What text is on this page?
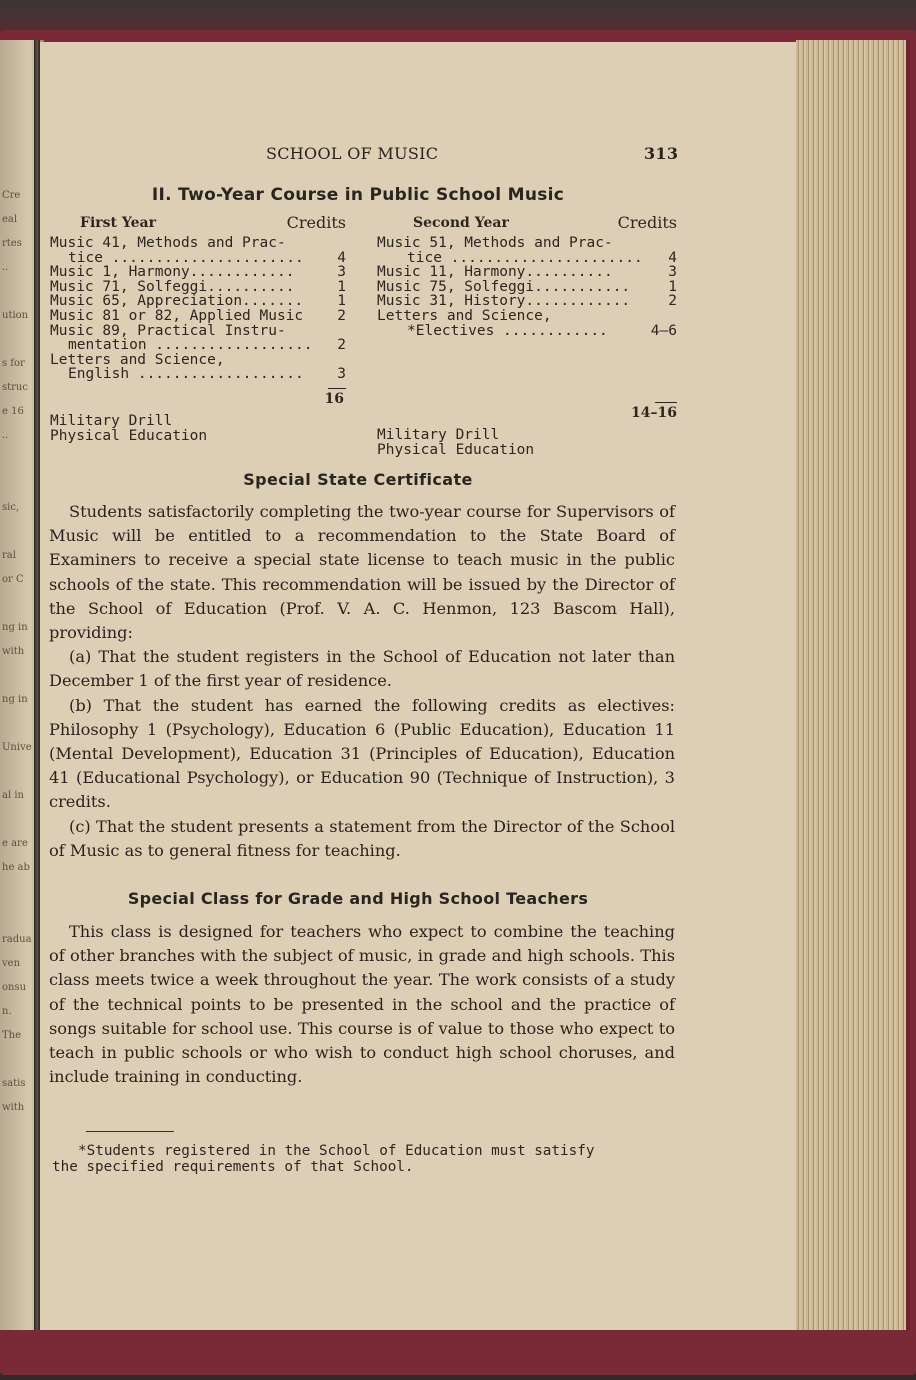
Cre
eal
rtes
..

ution

s for
struc
e 16
..

sic,

ral
or C

ng in
with

ng in

Unive

al in

e are
he ab

radua
ven
onsu
n.
The

satis
with
SCHOOL OF MUSIC	313
II. Two-Year Course in Public School Music
First Year	Credits
Music 41, Methods and Prac-
tice ......................	4
Music 1, Harmony............	3
Music 71, Solfeggi..........	1
Music 65, Appreciation....... 1
Music 81 or 82, Applied Music 2
Music 89, Practical Instru-
mentation ..................	2
Letters and Science,
English ...................	3
16
Military Drill
Physical Education
Second Year	Credits
Music 51, Methods and Prac-
tice ......................	4
Music 11, Harmony..........	3
Music 75, Solfeggi...........	1
Music 31, History............	2
Letters and Science,
*Electives ............	4–6
14–16
Military Drill
Physical Education
Special State Certificate

Students satisfactorily completing the two-year course for Supervisors of Music will be entitled to a recommendation to the State Board of Examiners to receive a special state license to teach music in the public schools of the state. This recommendation will be issued by the Director of the School of Education (Prof. V. A. C. Henmon, 123 Bascom Hall), providing:

(a) That the student registers in the School of Education not later than December 1 of the first year of residence.

(b) That the student has earned the following credits as electives: Philosophy 1 (Psychology), Education 6 (Public Education), Education 11 (Mental Development), Education 31 (Principles of Education), Education 41 (Educational Psychology), or Education 90 (Technique of Instruction), 3 credits.

(c) That the student presents a statement from the Director of the School of Music as to general fitness for teaching.

Special Class for Grade and High School Teachers

This class is designed for teachers who expect to combine the teaching of other branches with the subject of music, in grade and high schools. This class meets twice a week throughout the year. The work consists of a study of the technical points to be presented in the school and the practice of songs suitable for school use. This course is of value to those who expect to teach in public schools or who wish to conduct high school choruses, and include training in conducting.

*Students registered in the School of Education must satisfy
the specified requirements of that School.
